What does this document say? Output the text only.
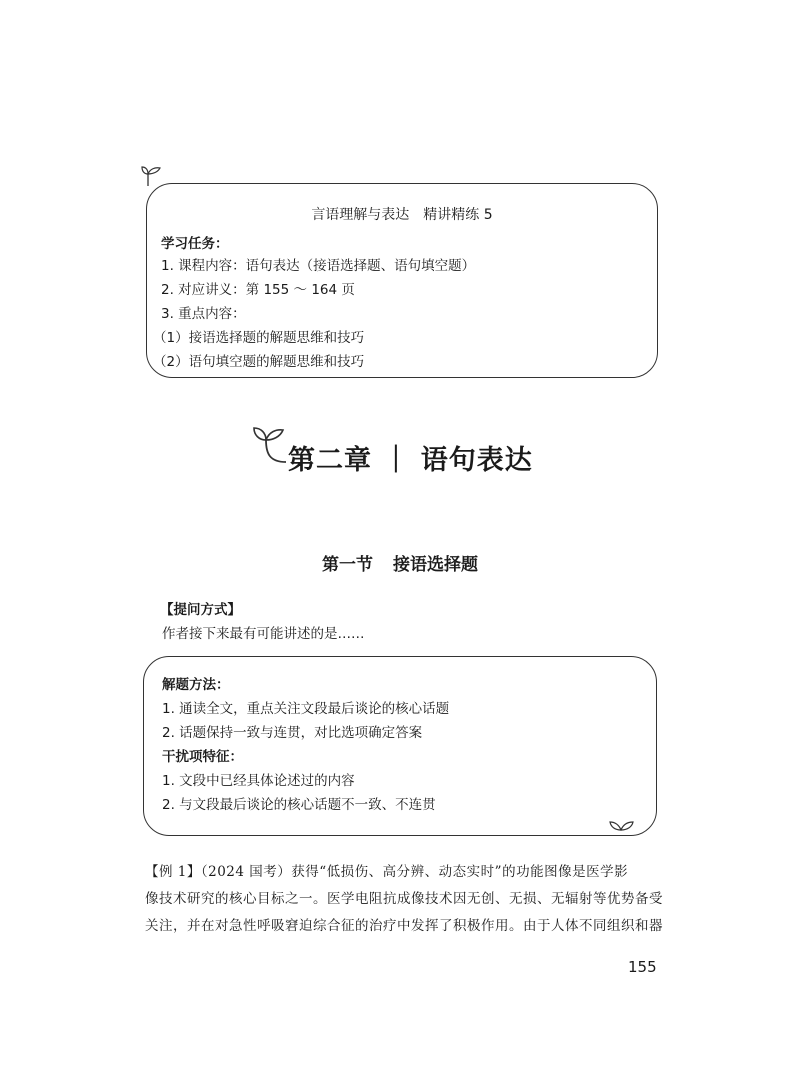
言语理解与表达　精讲精练 5
学习任务：
1. 课程内容：语句表达（接语选择题、语句填空题）
2. 对应讲义：第 155 ～ 164 页
3. 重点内容：
（1）接语选择题的解题思维和技巧
（2）语句填空题的解题思维和技巧
第二章 ｜ 语句表达
第一节 接语选择题
【提问方式】
作者接下来最有可能讲述的是……
解题方法：
1. 通读全文，重点关注文段最后谈论的核心话题
2. 话题保持一致与连贯，对比选项确定答案
干扰项特征：
1. 文段中已经具体论述过的内容
2. 与文段最后谈论的核心话题不一致、不连贯
【例 1】（2024 国考）获得“低损伤、高分辨、动态实时”的功能图像是医学影
像技术研究的核心目标之一。医学电阻抗成像技术因无创、无损、无辐射等优势备受
关注，并在对急性呼吸窘迫综合征的治疗中发挥了积极作用。由于人体不同组织和器
155
